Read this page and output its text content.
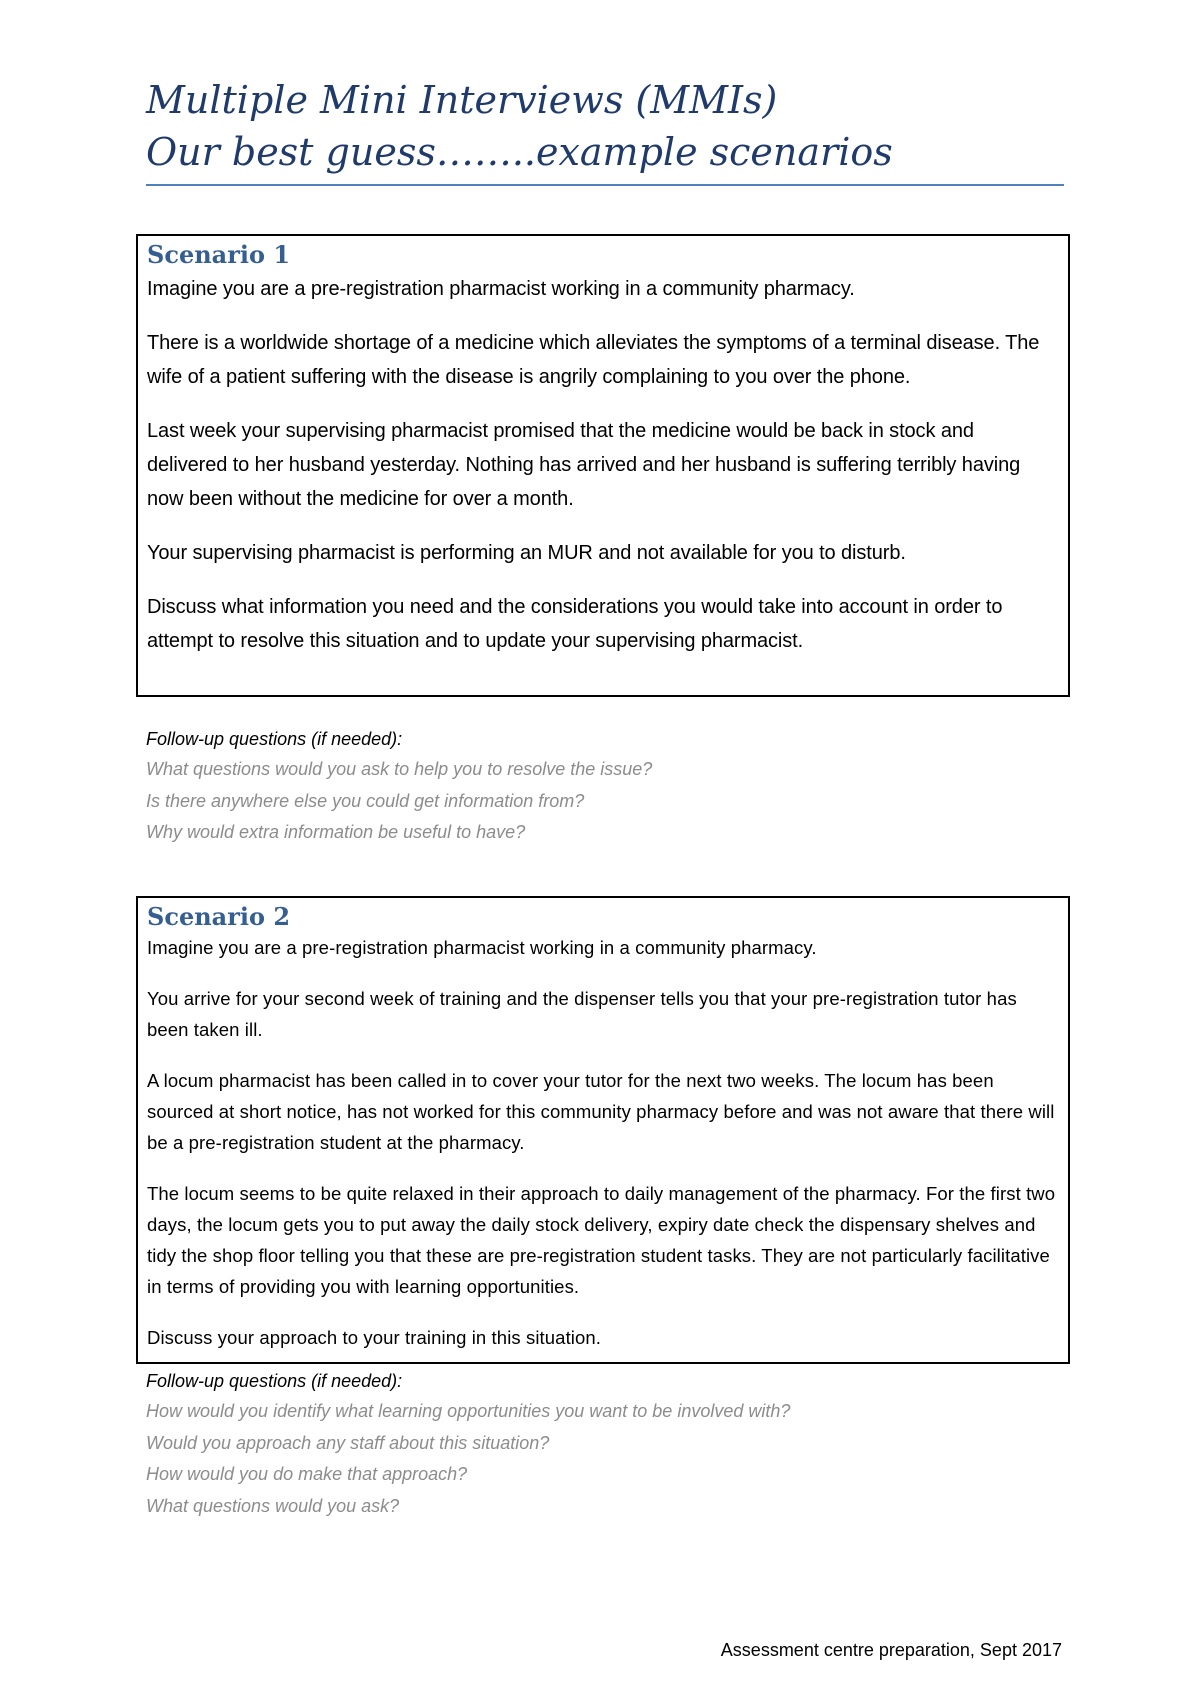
Multiple Mini Interviews (MMIs)
Our best guess……..example scenarios
Scenario 1

Imagine you are a pre-registration pharmacist working in a community pharmacy.

There is a worldwide shortage of a medicine which alleviates the symptoms of a terminal disease. The wife of a patient suffering with the disease is angrily complaining to you over the phone.

Last week your supervising pharmacist promised that the medicine would be back in stock and delivered to her husband yesterday. Nothing has arrived and her husband is suffering terribly having now been without the medicine for over a month.

Your supervising pharmacist is performing an MUR and not available for you to disturb.

Discuss what information you need and the considerations you would take into account in order to attempt to resolve this situation and to update your supervising pharmacist.

Follow-up questions (if needed):

What questions would you ask to help you to resolve the issue?

Is there anywhere else you could get information from?

Why would extra information be useful to have?

Scenario 2

Imagine you are a pre-registration pharmacist working in a community pharmacy.

You arrive for your second week of training and the dispenser tells you that your pre-registration tutor has been taken ill.

A locum pharmacist has been called in to cover your tutor for the next two weeks. The locum has been sourced at short notice, has not worked for this community pharmacy before and was not aware that there will be a pre-registration student at the pharmacy.

The locum seems to be quite relaxed in their approach to daily management of the pharmacy. For the first two days, the locum gets you to put away the daily stock delivery, expiry date check the dispensary shelves and tidy the shop floor telling you that these are pre-registration student tasks. They are not particularly facilitative in terms of providing you with learning opportunities.

Discuss your approach to your training in this situation.

Follow-up questions (if needed):

How would you identify what learning opportunities you want to be involved with?

Would you approach any staff about this situation?

How would you do make that approach?

What questions would you ask?

Assessment centre preparation, Sept 2017
